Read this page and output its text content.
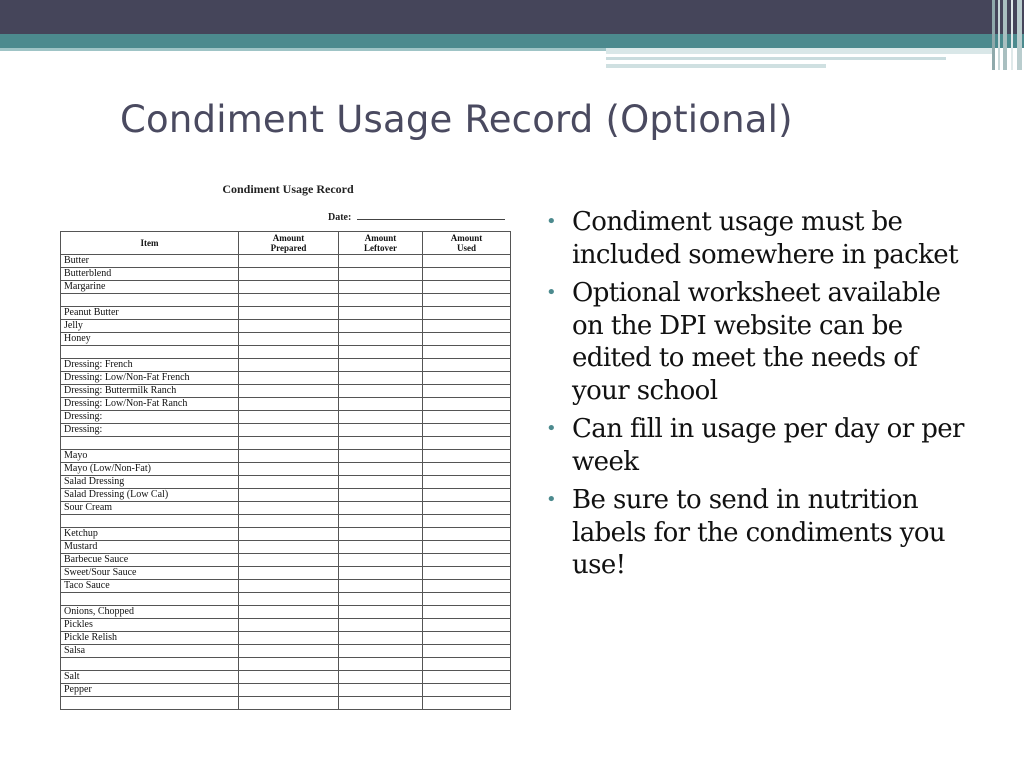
Condiment Usage Record (Optional)
Condiment Usage Record
Date:
Item	Amount Prepared	Amount Leftover	Amount Used
Butter			
Butterblend			
Margarine			

Peanut Butter			
Jelly			
Honey			

Dressing: French			
Dressing: Low/Non-Fat French			
Dressing: Buttermilk Ranch			
Dressing: Low/Non-Fat Ranch			
Dressing:			
Dressing:			

Mayo			
Mayo (Low/Non-Fat)			
Salad Dressing			
Salad Dressing (Low Cal)			
Sour Cream			

Ketchup			
Mustard			
Barbecue Sauce			
Sweet/Sour Sauce			
Taco Sauce			

Onions, Chopped			
Pickles			
Pickle Relish			
Salsa			

Salt			
Pepper			

• Condiment usage must be included somewhere in packet
• Optional worksheet available on the DPI website can be edited to meet the needs of your school
• Can fill in usage per day or per week
• Be sure to send in nutrition labels for the condiments you use!
